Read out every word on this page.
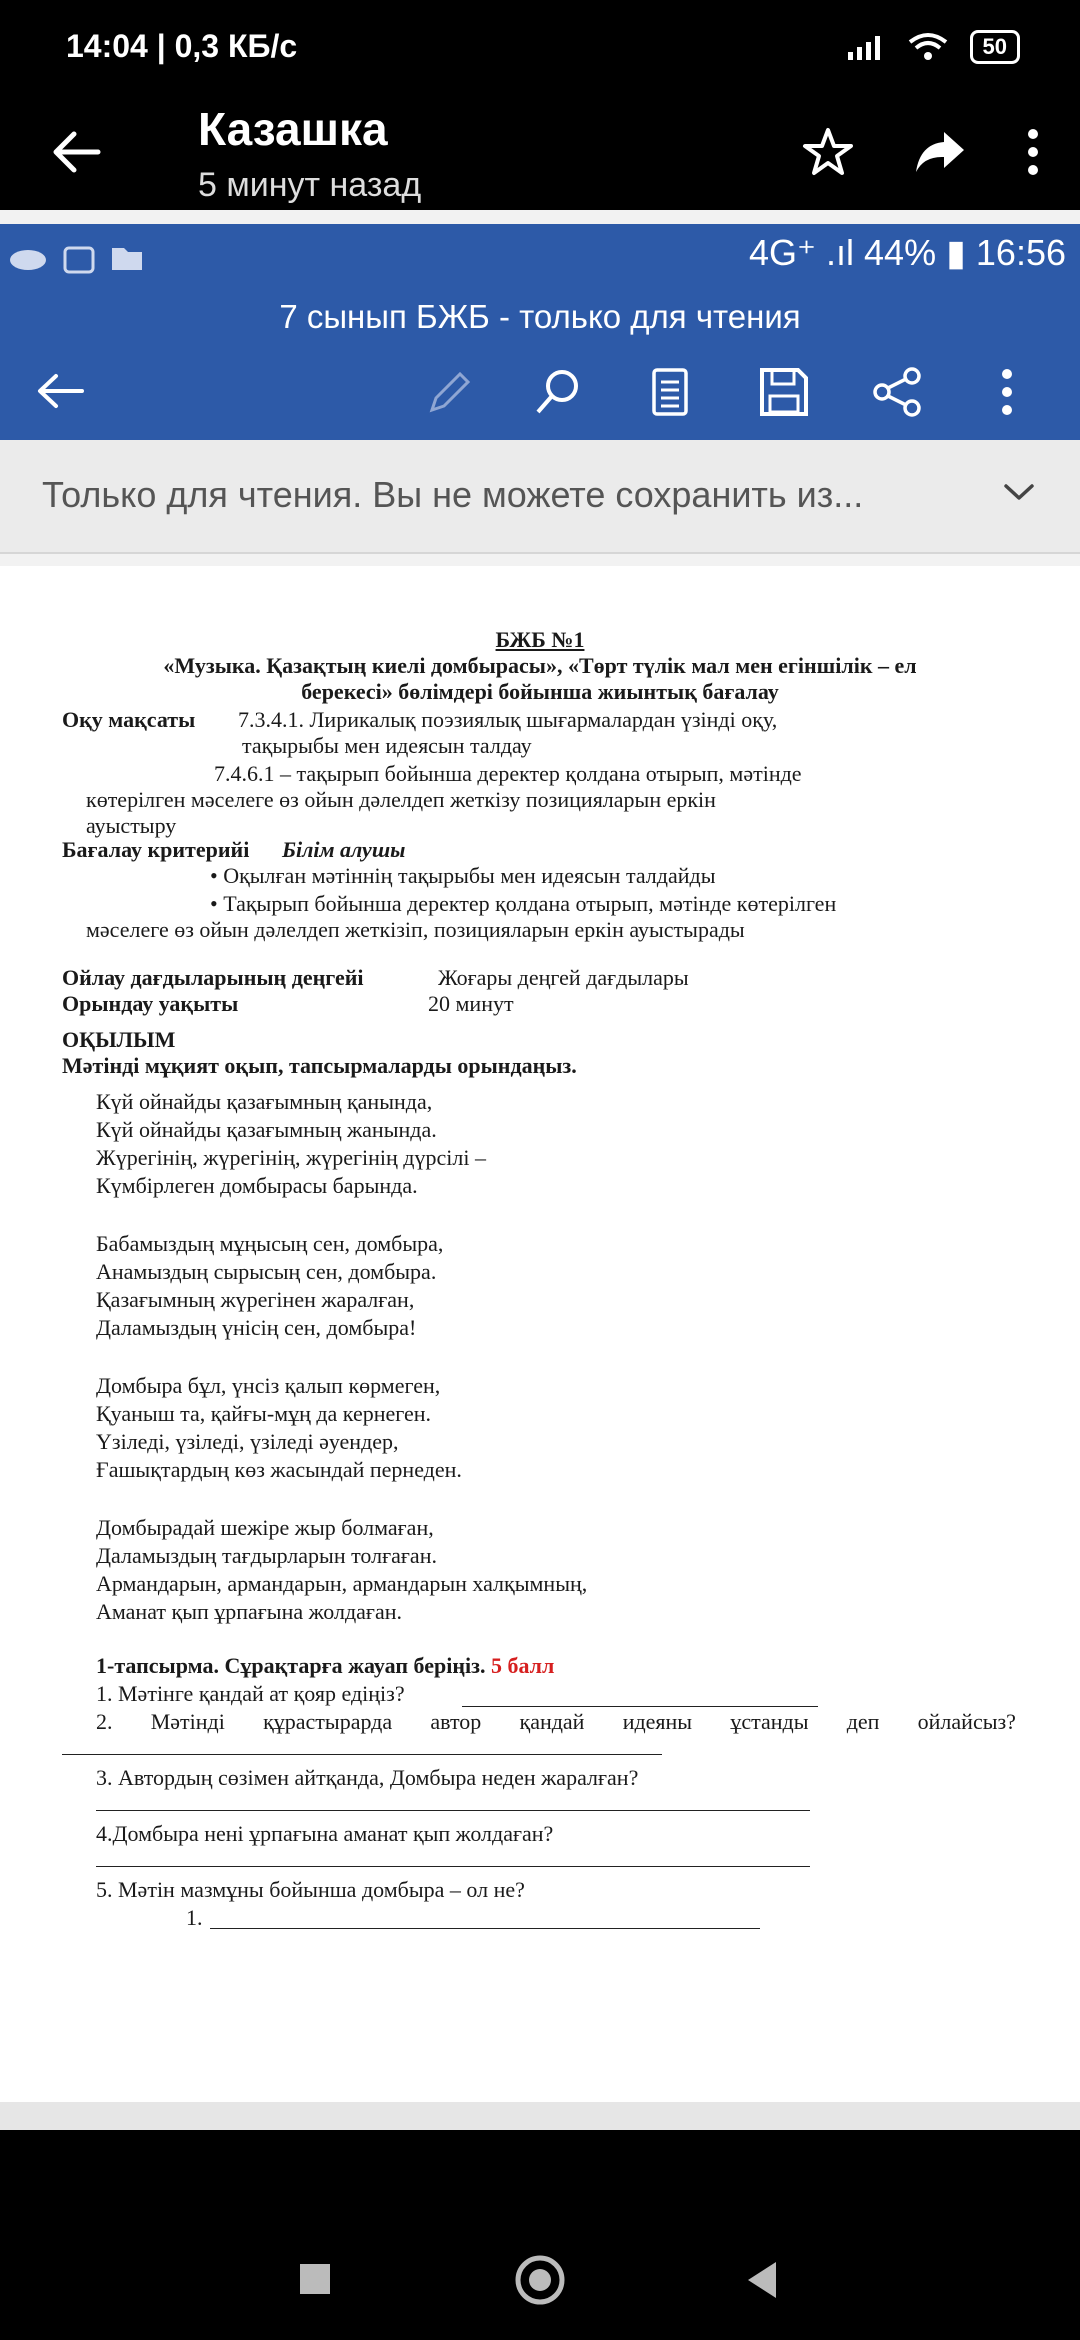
14:04 | 0,3 КБ/с	50
Казашка
5 минут назад
4G⁺ .ıl 44% ▮ 16:56
7 сынып БЖБ - только для чтения
Только для чтения. Вы не можете сохранить из...
БЖБ №1
«Музыка. Қазақтың киелі домбырасы», «Төрт түлік мал мен егіншілік – ел
берекесі» бөлімдері бойынша жиынтық бағалау
Оқу мақсаты 7.3.4.1. Лирикалық поэзиялық шығармалардан үзінді оқу,
тақырыбы мен идеясын талдау
7.4.6.1 – тақырып бойынша деректер қолдана отырып, мәтінде
көтерілген мәселеге өз ойын дәлелдеп жеткізу позицияларын еркін
ауыстыру
Бағалау критерийі Білім алушы
• Оқылған мәтіннің тақырыбы мен идеясын талдайды
• Тақырып бойынша деректер қолдана отырып, мәтінде көтерілген
мәселеге өз ойын дәлелдеп жеткізіп, позицияларын еркін ауыстырады
Ойлау дағдыларының деңгейі	Жоғары деңгей дағдылары
Орындау уақыты	20 минут
ОҚЫЛЫМ
Мәтінді мұқият оқып, тапсырмаларды орындаңыз.
Күй ойнайды қазағымның қанында,
Күй ойнайды қазағымның жанында.
Жүрегінің, жүрегінің, жүрегінің дүрсілі –
Күмбірлеген домбырасы барында.
Бабамыздың мұңысың сен, домбыра,
Анамыздың сырысың сен, домбыра.
Қазағымның жүрегінен жаралған,
Даламыздың үнісің сен, домбыра!
Домбыра бұл, үнсіз қалып көрмеген,
Қуаныш та, қайғы-мұң да кернеген.
Үзіледі, үзіледі, үзіледі әуендер,
Ғашықтардың көз жасындай пернеден.
Домбырадай шежіре жыр болмаған,
Даламыздың тағдырларын толғаған.
Армандарын, армандарын, армандарын халқымның,
Аманат қып ұрпағына жолдаған.
1-тапсырма. Сұрақтарға жауап беріңіз. 5 балл
1. Мәтінге қандай ат қояр едіңіз?
2. Мәтінді құрастырарда автор қандай идеяны ұстанды деп ойлайсыз?
3. Автордың сөзімен айтқанда, Домбыра неден жаралған?
4.Домбыра нені ұрпағына аманат қып жолдаған?
5. Мәтін мазмұны бойынша домбыра – ол не?
1.
